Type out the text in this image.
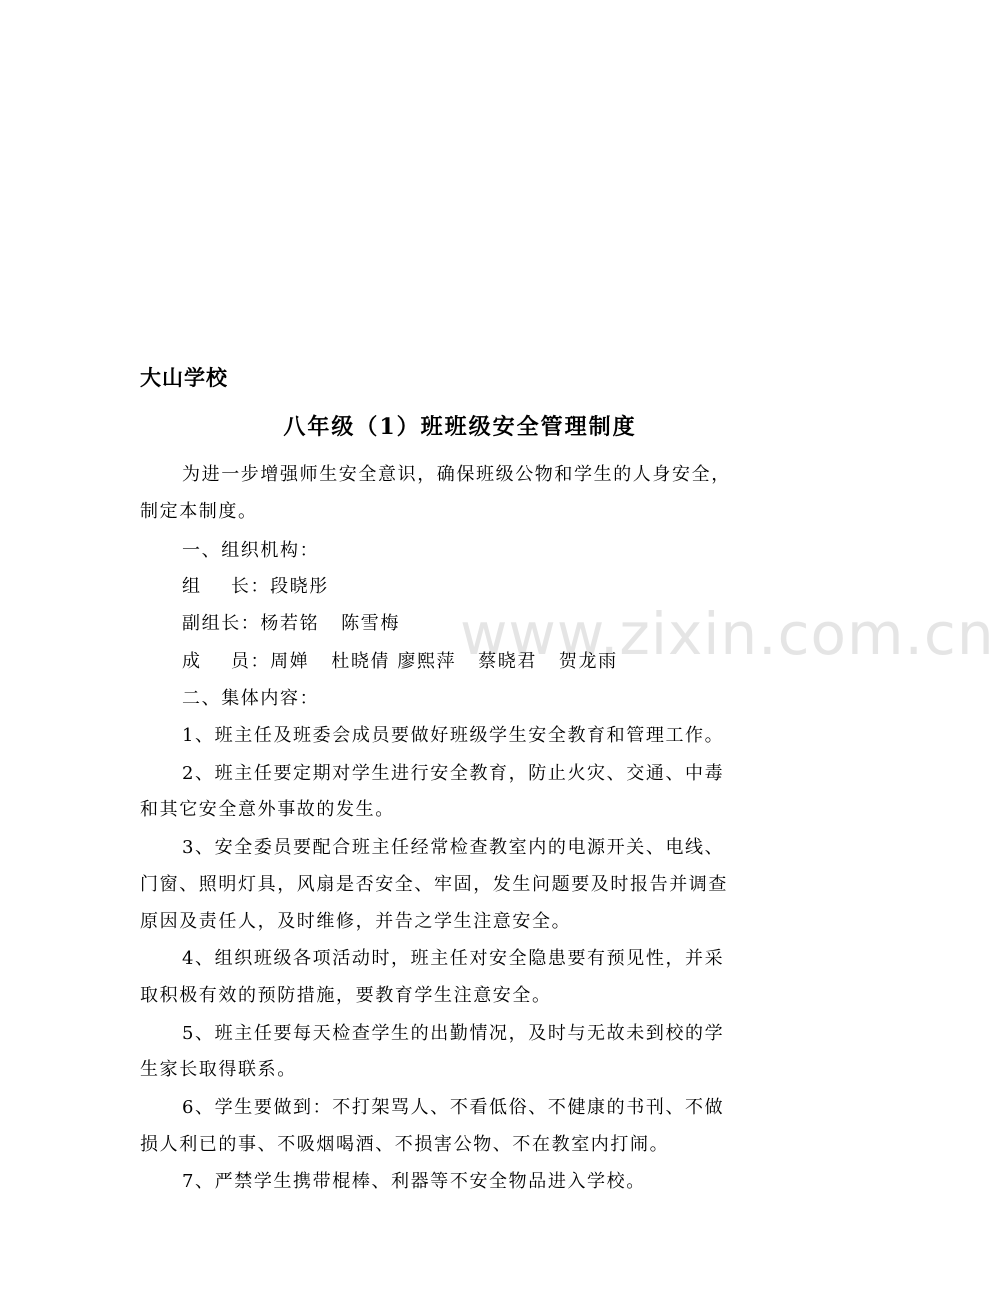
www.zixin.com.cn
大山学校
八年级（1）班班级安全管理制度
为进一步增强师生安全意识，确保班级公物和学生的人身安全，
制定本制度。
一、组织机构：
组    长：段晓彤
副组长：杨若铭   陈雪梅
成    员：周婵   杜晓倩 廖熙萍   蔡晓君   贺龙雨
二、集体内容：
1、班主任及班委会成员要做好班级学生安全教育和管理工作。
2、班主任要定期对学生进行安全教育，防止火灾、交通、中毒
和其它安全意外事故的发生。
3、安全委员要配合班主任经常检查教室内的电源开关、电线、
门窗、照明灯具，风扇是否安全、牢固，发生问题要及时报告并调查
原因及责任人，及时维修，并告之学生注意安全。
4、组织班级各项活动时，班主任对安全隐患要有预见性，并采
取积极有效的预防措施，要教育学生注意安全。
5、班主任要每天检查学生的出勤情况，及时与无故未到校的学
生家长取得联系。
6、学生要做到：不打架骂人、不看低俗、不健康的书刊、不做
损人利已的事、不吸烟喝酒、不损害公物、不在教室内打闹。
7、严禁学生携带棍棒、利器等不安全物品进入学校。
